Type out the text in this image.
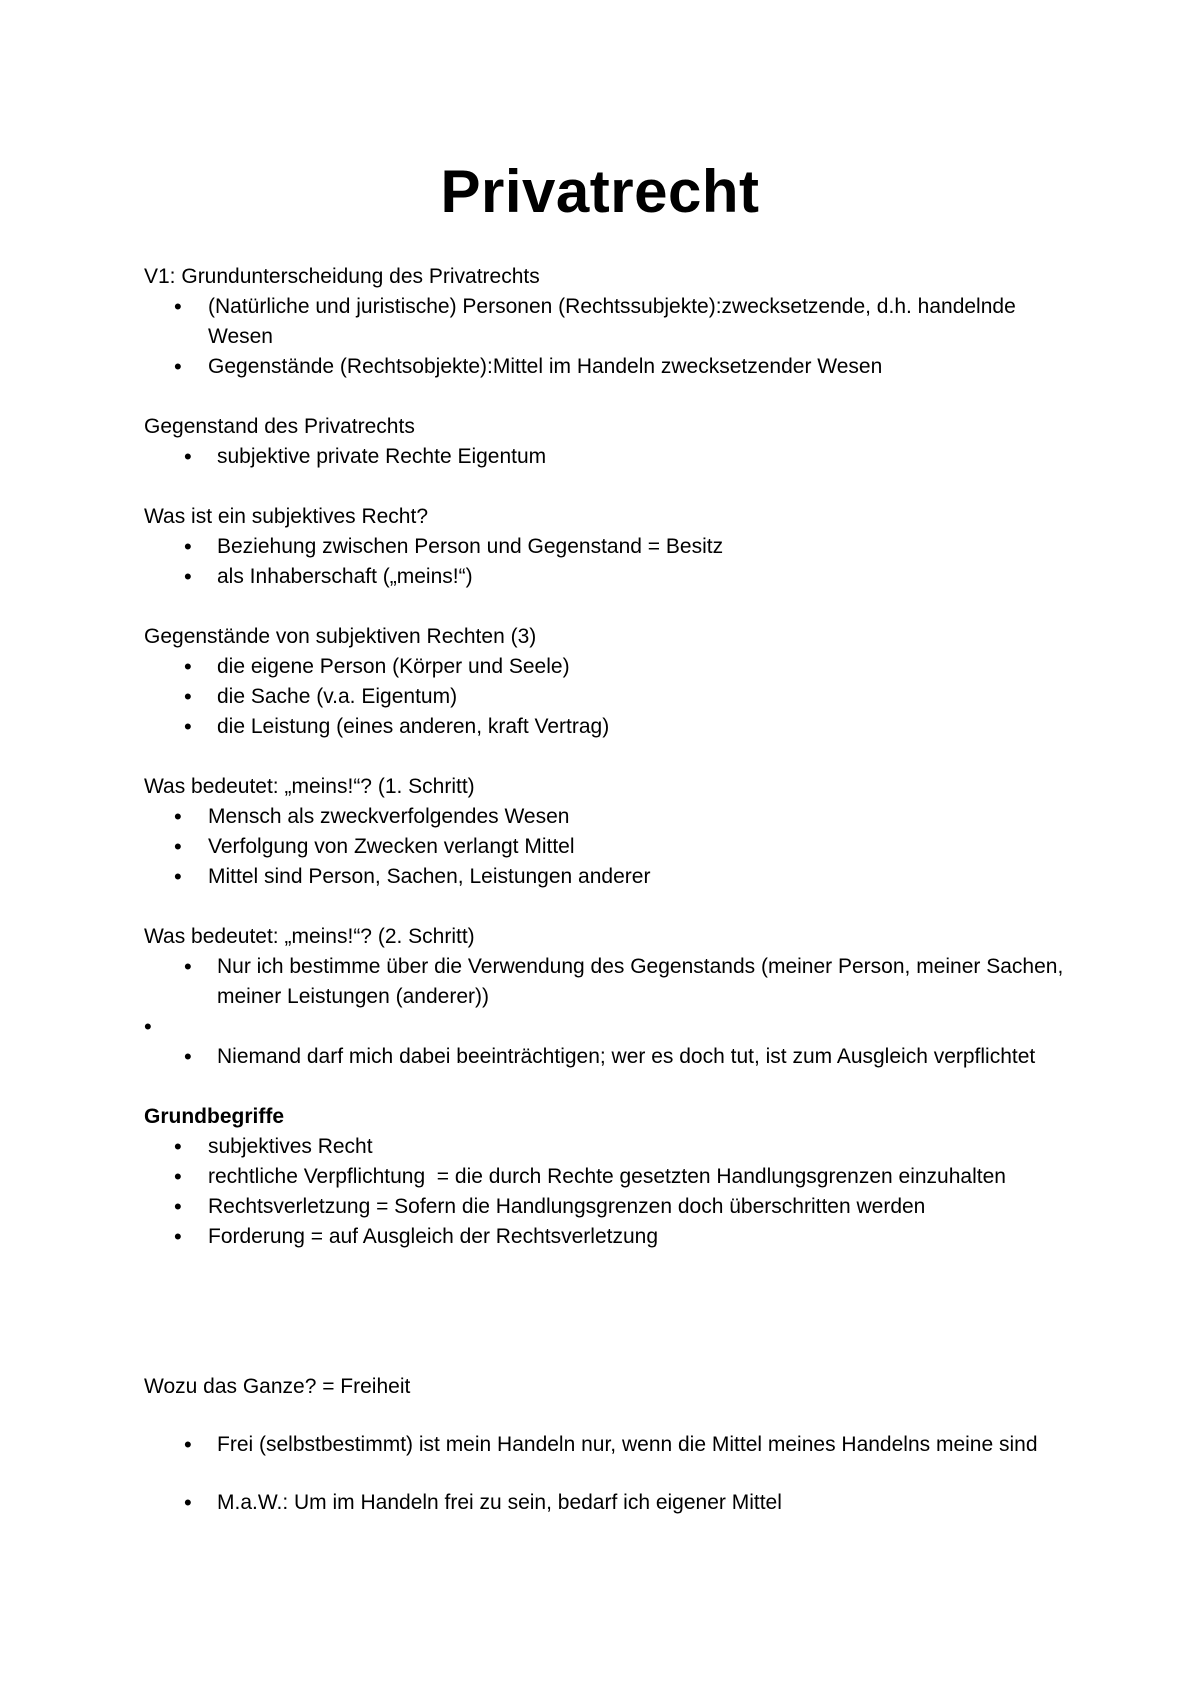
Privatrecht

V1: Grundunterscheidung des Privatrechts

• (Natürliche und juristische) Personen (Rechtssubjekte):zwecksetzende, d.h. handelnde Wesen
• Gegenstände (Rechtsobjekte):Mittel im Handeln zwecksetzender Wesen

Gegenstand des Privatrechts

• subjektive private Rechte Eigentum

Was ist ein subjektives Recht?

• Beziehung zwischen Person und Gegenstand = Besitz
• als Inhaberschaft („meins!“)

Gegenstände von subjektiven Rechten (3)

• die eigene Person (Körper und Seele)
• die Sache (v.a. Eigentum)
• die Leistung (eines anderen, kraft Vertrag)

Was bedeutet: „meins!“? (1. Schritt)

• Mensch als zweckverfolgendes Wesen
• Verfolgung von Zwecken verlangt Mittel
• Mittel sind Person, Sachen, Leistungen anderer

Was bedeutet: „meins!“? (2. Schritt)

• Nur ich bestimme über die Verwendung des Gegenstands (meiner Person, meiner Sachen, meiner Leistungen (anderer))
•

• Niemand darf mich dabei beeinträchtigen; wer es doch tut, ist zum Ausgleich verpflichtet

Grundbegriffe

• subjektives Recht
• rechtliche Verpflichtung  = die durch Rechte gesetzten Handlungsgrenzen einzuhalten
• Rechtsverletzung = Sofern die Handlungsgrenzen doch überschritten werden
• Forderung = auf Ausgleich der Rechtsverletzung

Wozu das Ganze? = Freiheit

• Frei (selbstbestimmt) ist mein Handeln nur, wenn die Mittel meines Handelns meine sind
• M.a.W.: Um im Handeln frei zu sein, bedarf ich eigener Mittel
